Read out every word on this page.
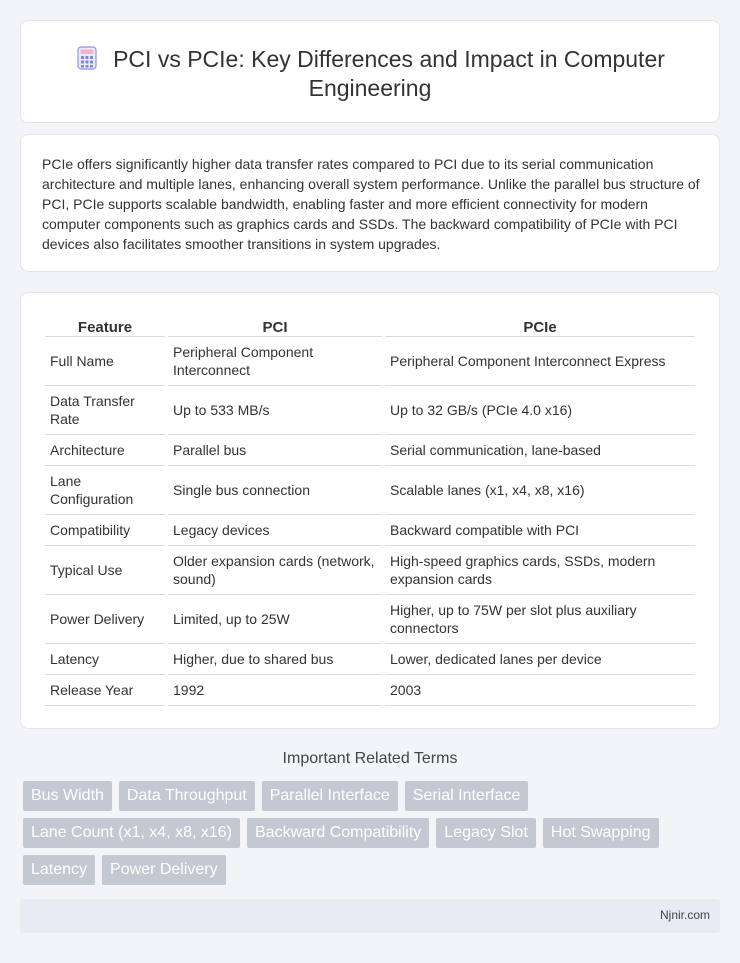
PCI vs PCIe: Key Differences and Impact in Computer Engineering

PCIe offers significantly higher data transfer rates compared to PCI due to its serial communication architecture and multiple lanes, enhancing overall system performance. Unlike the parallel bus structure of PCI, PCIe supports scalable bandwidth, enabling faster and more efficient connectivity for modern computer components such as graphics cards and SSDs. The backward compatibility of PCIe with PCI devices also facilitates smoother transitions in system upgrades.

Feature	PCI	PCIe
Full Name	Peripheral Component Interconnect	Peripheral Component Interconnect Express
Data Transfer Rate	Up to 533 MB/s	Up to 32 GB/s (PCIe 4.0 x16)
Architecture	Parallel bus	Serial communication, lane-based
Lane Configuration	Single bus connection	Scalable lanes (x1, x4, x8, x16)
Compatibility	Legacy devices	Backward compatible with PCI
Typical Use	Older expansion cards (network, sound)	High-speed graphics cards, SSDs, modern expansion cards
Power Delivery	Limited, up to 25W	Higher, up to 75W per slot plus auxiliary connectors
Latency	Higher, due to shared bus	Lower, dedicated lanes per device
Release Year	1992	2003
Important Related Terms
Bus Width	Data Throughput	Parallel Interface	Serial Interface
Lane Count (x1, x4, x8, x16)	Backward Compatibility	Legacy Slot	Hot Swapping
Latency	Power Delivery
Njnir.com
